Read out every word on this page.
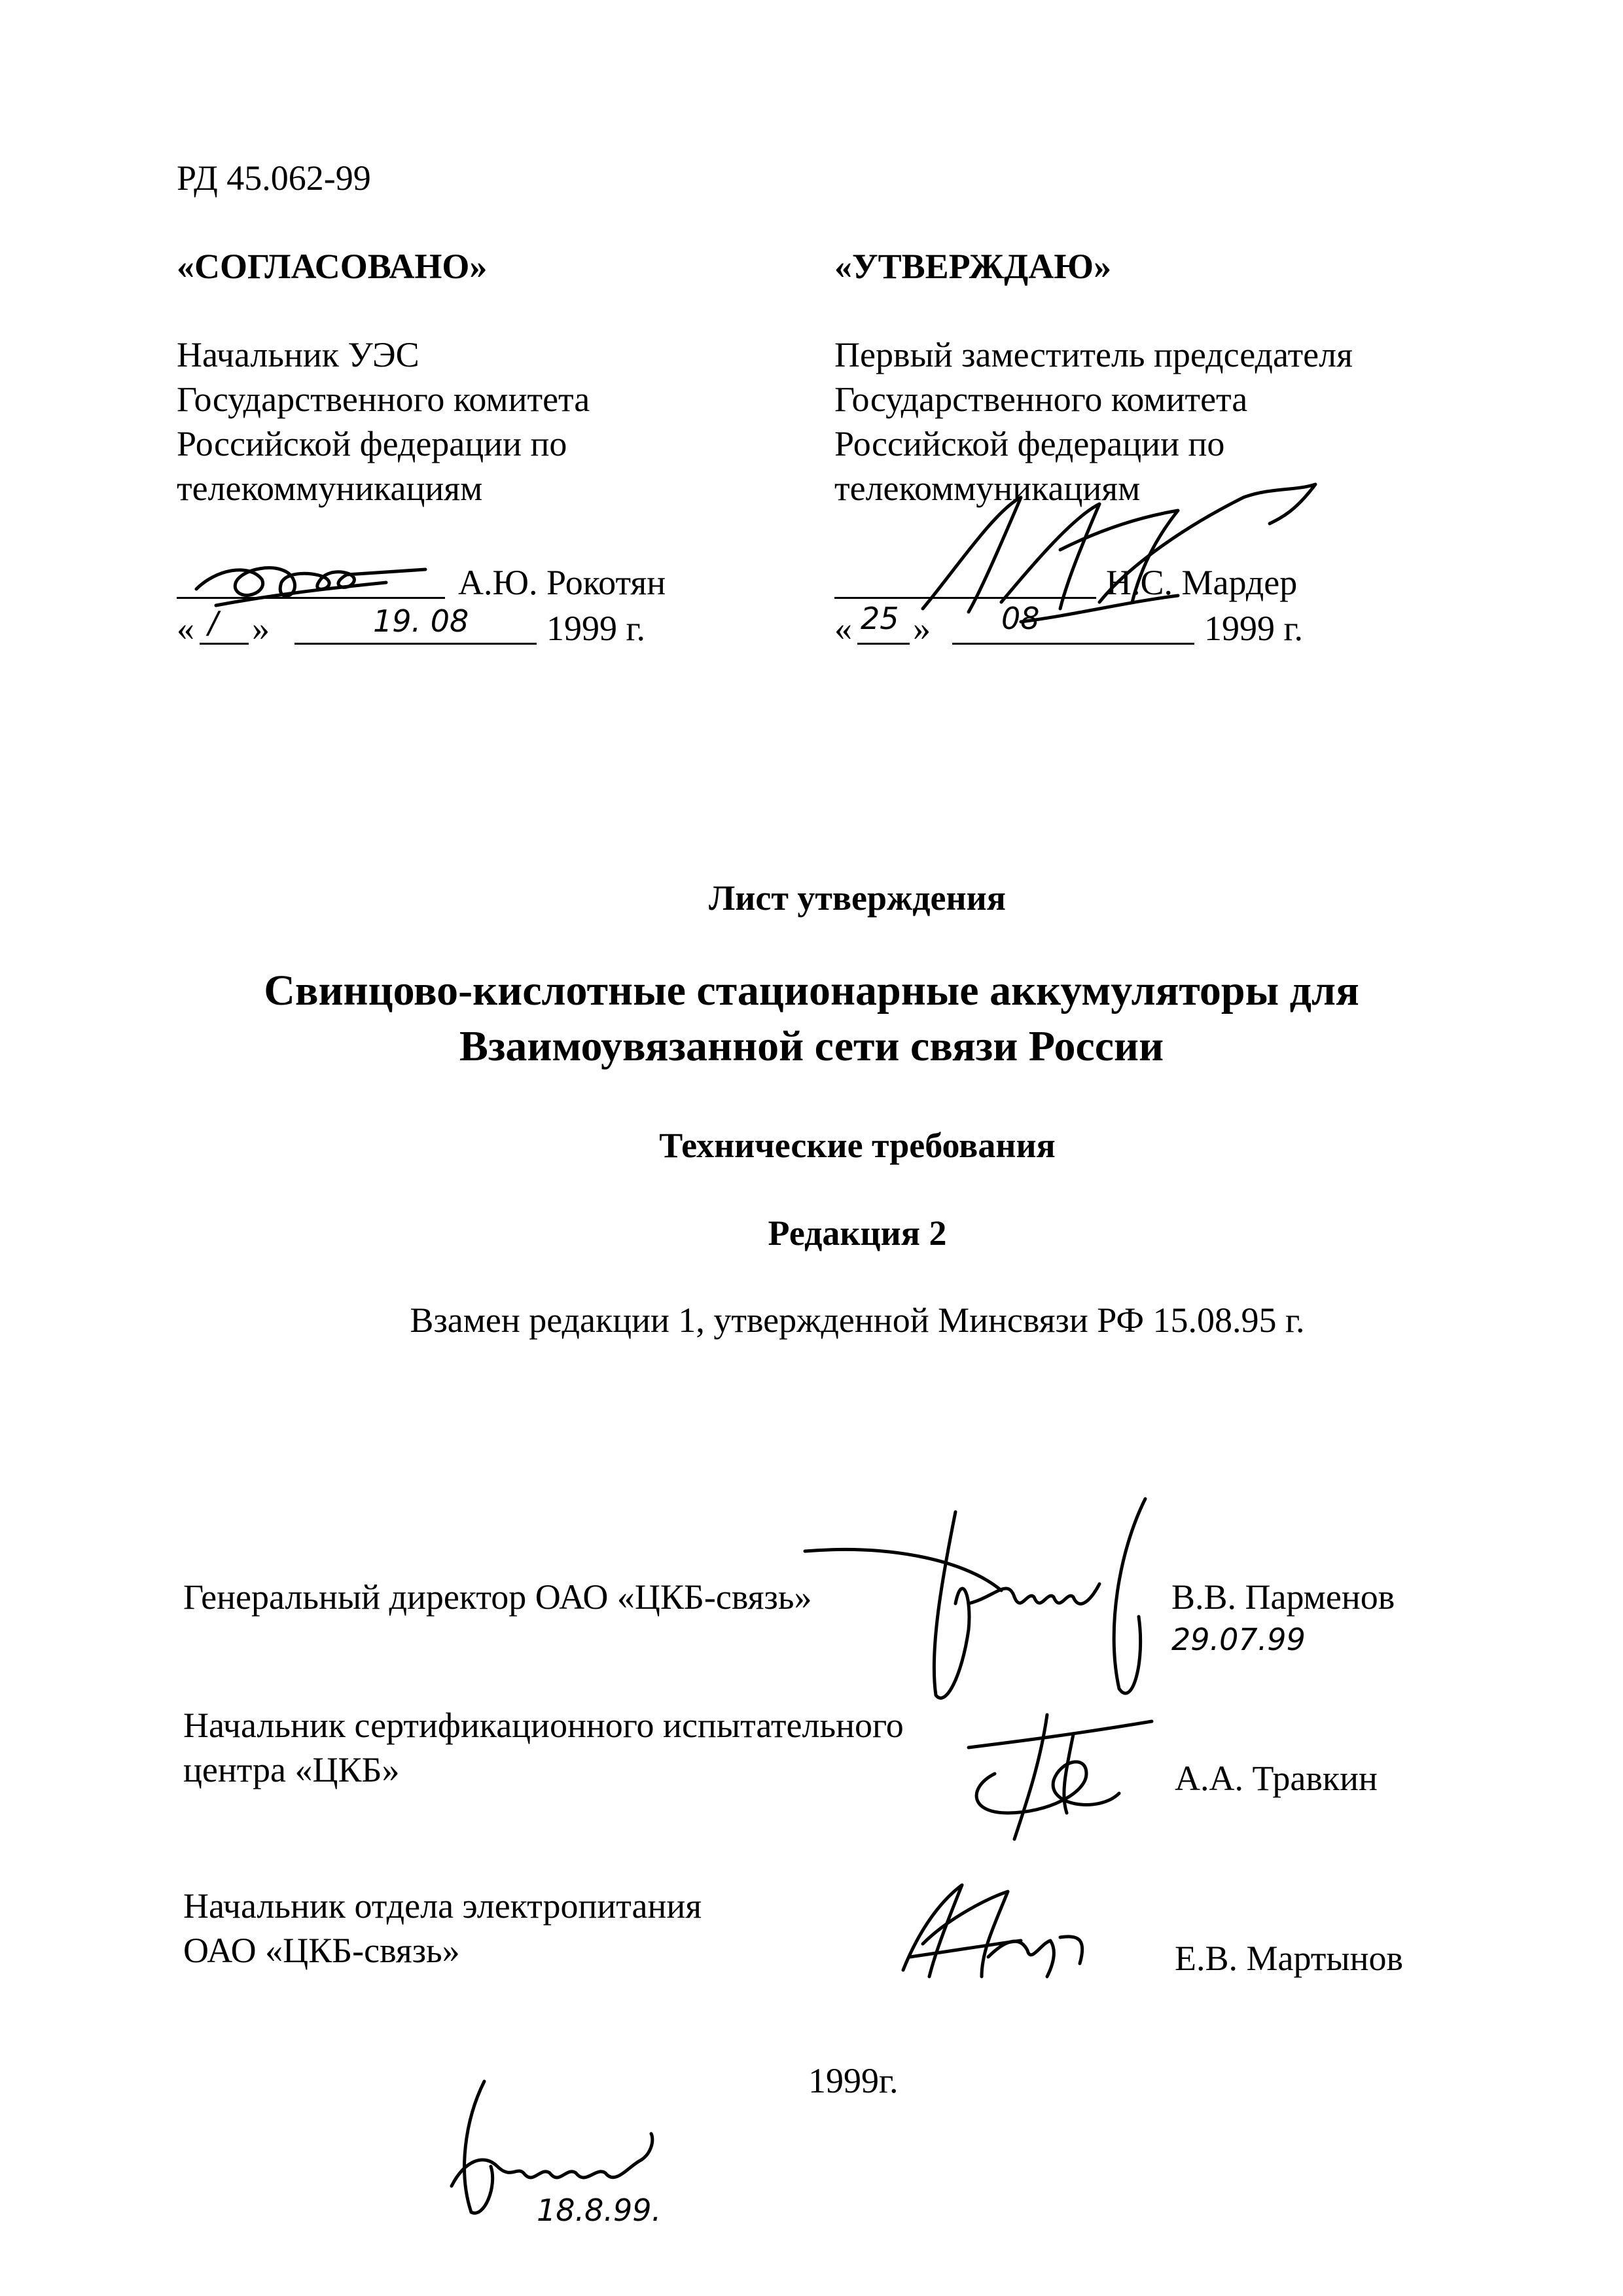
РД 45.062-99
«СОГЛАСОВАНО»
Начальник УЭС
Государственного комитета
Российской федерации по
телекоммуникациям
А.Ю. Рокотян
« / »	19. 08 1999 г.
«УТВЕРЖДАЮ»
Первый заместитель председателя
Государственного комитета
Российской федерации по
телекоммуникациям
Н.С. Мардер
« 25 » 08	1999 г.
Лист утверждения
Свинцово-кислотные стационарные аккумуляторы для
Взаимоувязанной сети связи России
Технические требования
Редакция 2
Взамен редакции 1, утвержденной Минсвязи РФ 15.08.95 г.
Генеральный директор ОАО «ЦКБ-связь»	В.В. Парменов
29.07.99
Начальник сертификационного испытательного
центра «ЦКБ»	А.А. Травкин
Начальник отдела электропитания
ОАО «ЦКБ-связь»	Е.В. Мартынов
1999г.
18.8.99.
